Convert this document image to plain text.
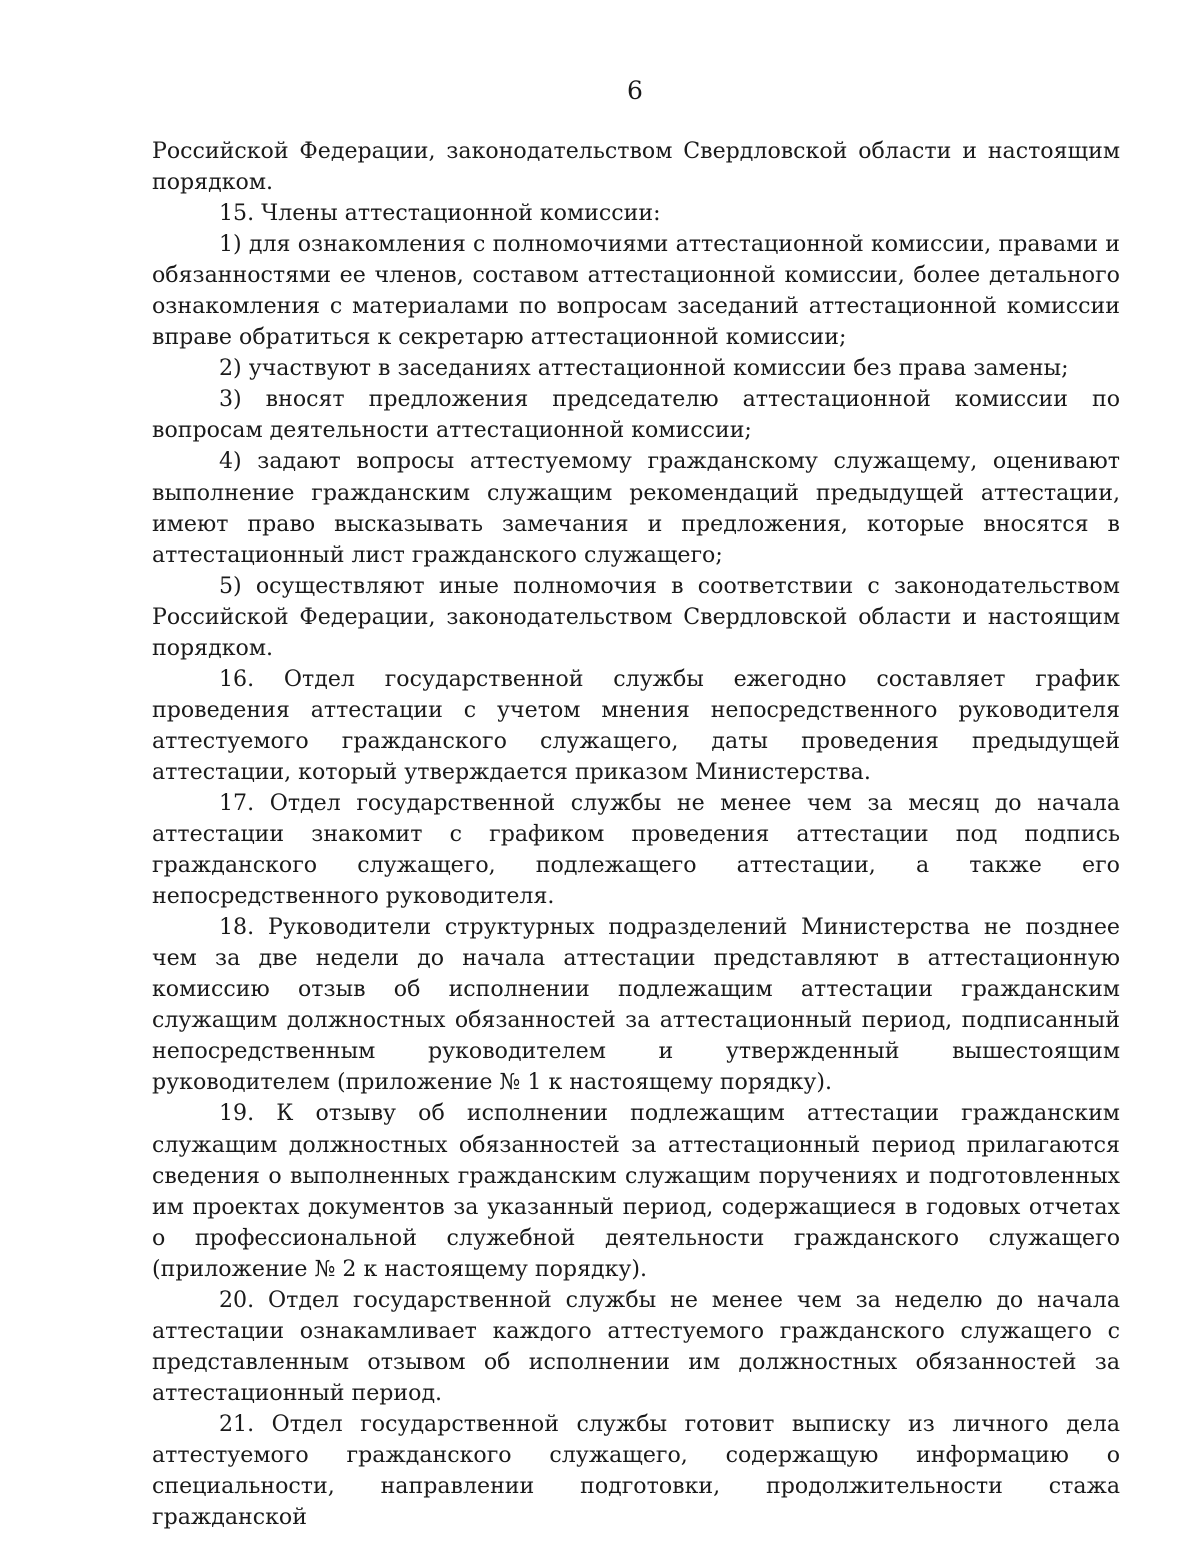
6

Российской Федерации, законодательством Свердловской области и настоящим порядком.

15. Члены аттестационной комиссии:

1) для ознакомления с полномочиями аттестационной комиссии, правами и обязанностями ее членов, составом аттестационной комиссии, более детального ознакомления с материалами по вопросам заседаний аттестационной комиссии вправе обратиться к секретарю аттестационной комиссии;

2) участвуют в заседаниях аттестационной комиссии без права замены;

3) вносят предложения председателю аттестационной комиссии по вопросам деятельности аттестационной комиссии;

4) задают вопросы аттестуемому гражданскому служащему, оценивают выполнение гражданским служащим рекомендаций предыдущей аттестации, имеют право высказывать замечания и предложения, которые вносятся в аттестационный лист гражданского служащего;

5) осуществляют иные полномочия в соответствии с законодательством Российской Федерации, законодательством Свердловской области и настоящим порядком.

16. Отдел государственной службы ежегодно составляет график проведения аттестации с учетом мнения непосредственного руководителя аттестуемого гражданского служащего, даты проведения предыдущей аттестации, который утверждается приказом Министерства.

17. Отдел государственной службы не менее чем за месяц до начала аттестации знакомит с графиком проведения аттестации под подпись гражданского служащего, подлежащего аттестации, а также его непосредственного руководителя.

18. Руководители структурных подразделений Министерства не позднее чем за две недели до начала аттестации представляют в аттестационную комиссию отзыв об исполнении подлежащим аттестации гражданским служащим должностных обязанностей за аттестационный период, подписанный непосредственным руководителем и утвержденный вышестоящим руководителем (приложение № 1 к настоящему порядку).

19. К отзыву об исполнении подлежащим аттестации гражданским служащим должностных обязанностей за аттестационный период прилагаются сведения о выполненных гражданским служащим поручениях и подготовленных им проектах документов за указанный период, содержащиеся в годовых отчетах о профессиональной служебной деятельности гражданского служащего (приложение № 2 к настоящему порядку).

20. Отдел государственной службы не менее чем за неделю до начала аттестации ознакамливает каждого аттестуемого гражданского служащего с представленным отзывом об исполнении им должностных обязанностей за аттестационный период.

21. Отдел государственной службы готовит выписку из личного дела аттестуемого гражданского служащего, содержащую информацию о специальности, направлении подготовки, продолжительности стажа гражданской
